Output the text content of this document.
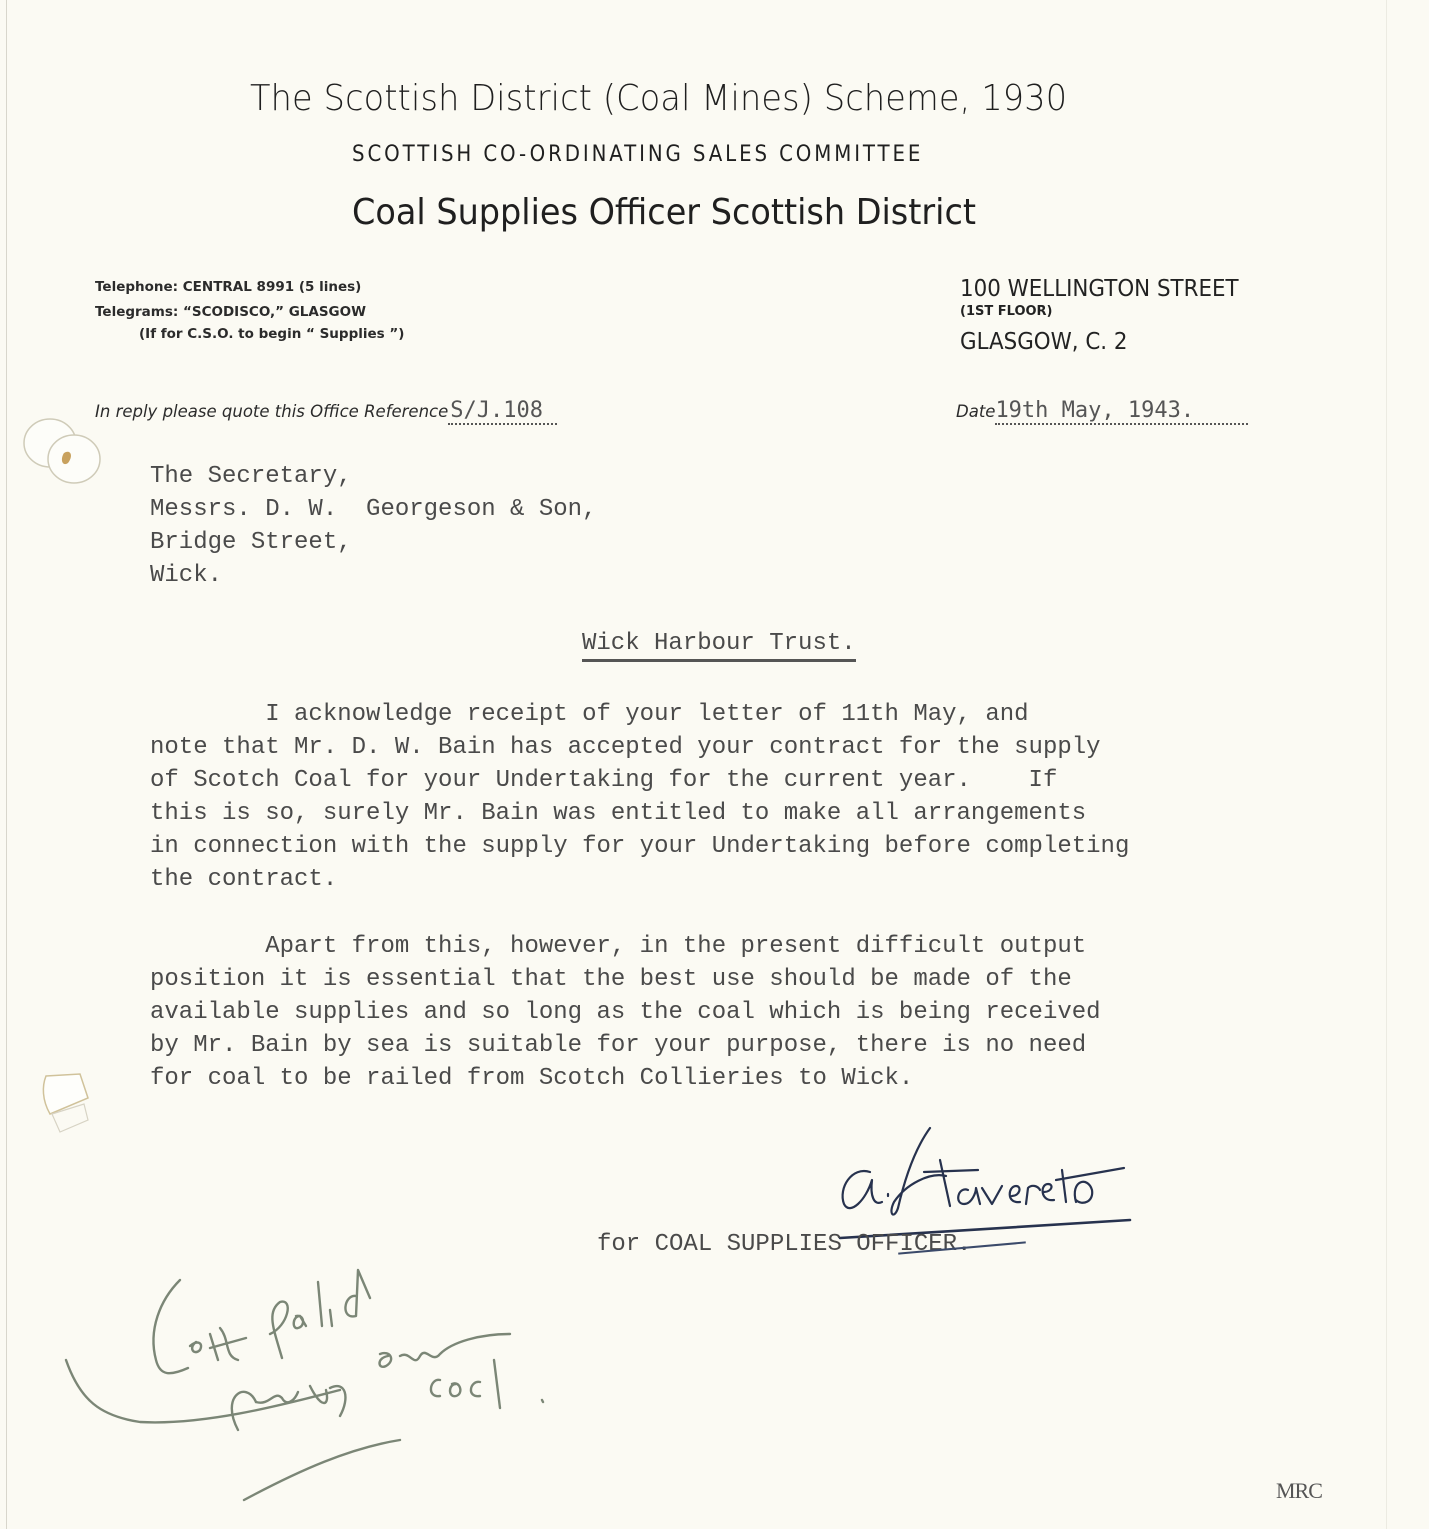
The Scottish District (Coal Mines) Scheme, 1930
SCOTTISH CO-ORDINATING SALES COMMITTEE
Coal Supplies Officer Scottish District
Telephone: CENTRAL 8991 (5 lines)
Telegrams: “SCODISCO,” GLASGOW
(If for C.S.O. to begin “ Supplies ”)
100 WELLINGTON STREET
(1ST FLOOR)
GLASGOW, C. 2
In reply please quote this Office ReferenceS/J.108	Date19th May, 1943.
The Secretary,
Messrs. D. W.  Georgeson & Son,
Bridge Street,
Wick.
Wick Harbour Trust.
I acknowledge receipt of your letter of 11th May, and
note that Mr. D. W. Bain has accepted your contract for the supply
of Scotch Coal for your Undertaking for the current year.    If
this is so, surely Mr. Bain was entitled to make all arrangements
in connection with the supply for your Undertaking before completing
the contract.
Apart from this, however, in the present difficult output
position it is essential that the best use should be made of the
available supplies and so long as the coal which is being received
by Mr. Bain by sea is suitable for your purpose, there is no need
for coal to be railed from Scotch Collieries to Wick.
for COAL SUPPLIES OFFICER.
MRC
